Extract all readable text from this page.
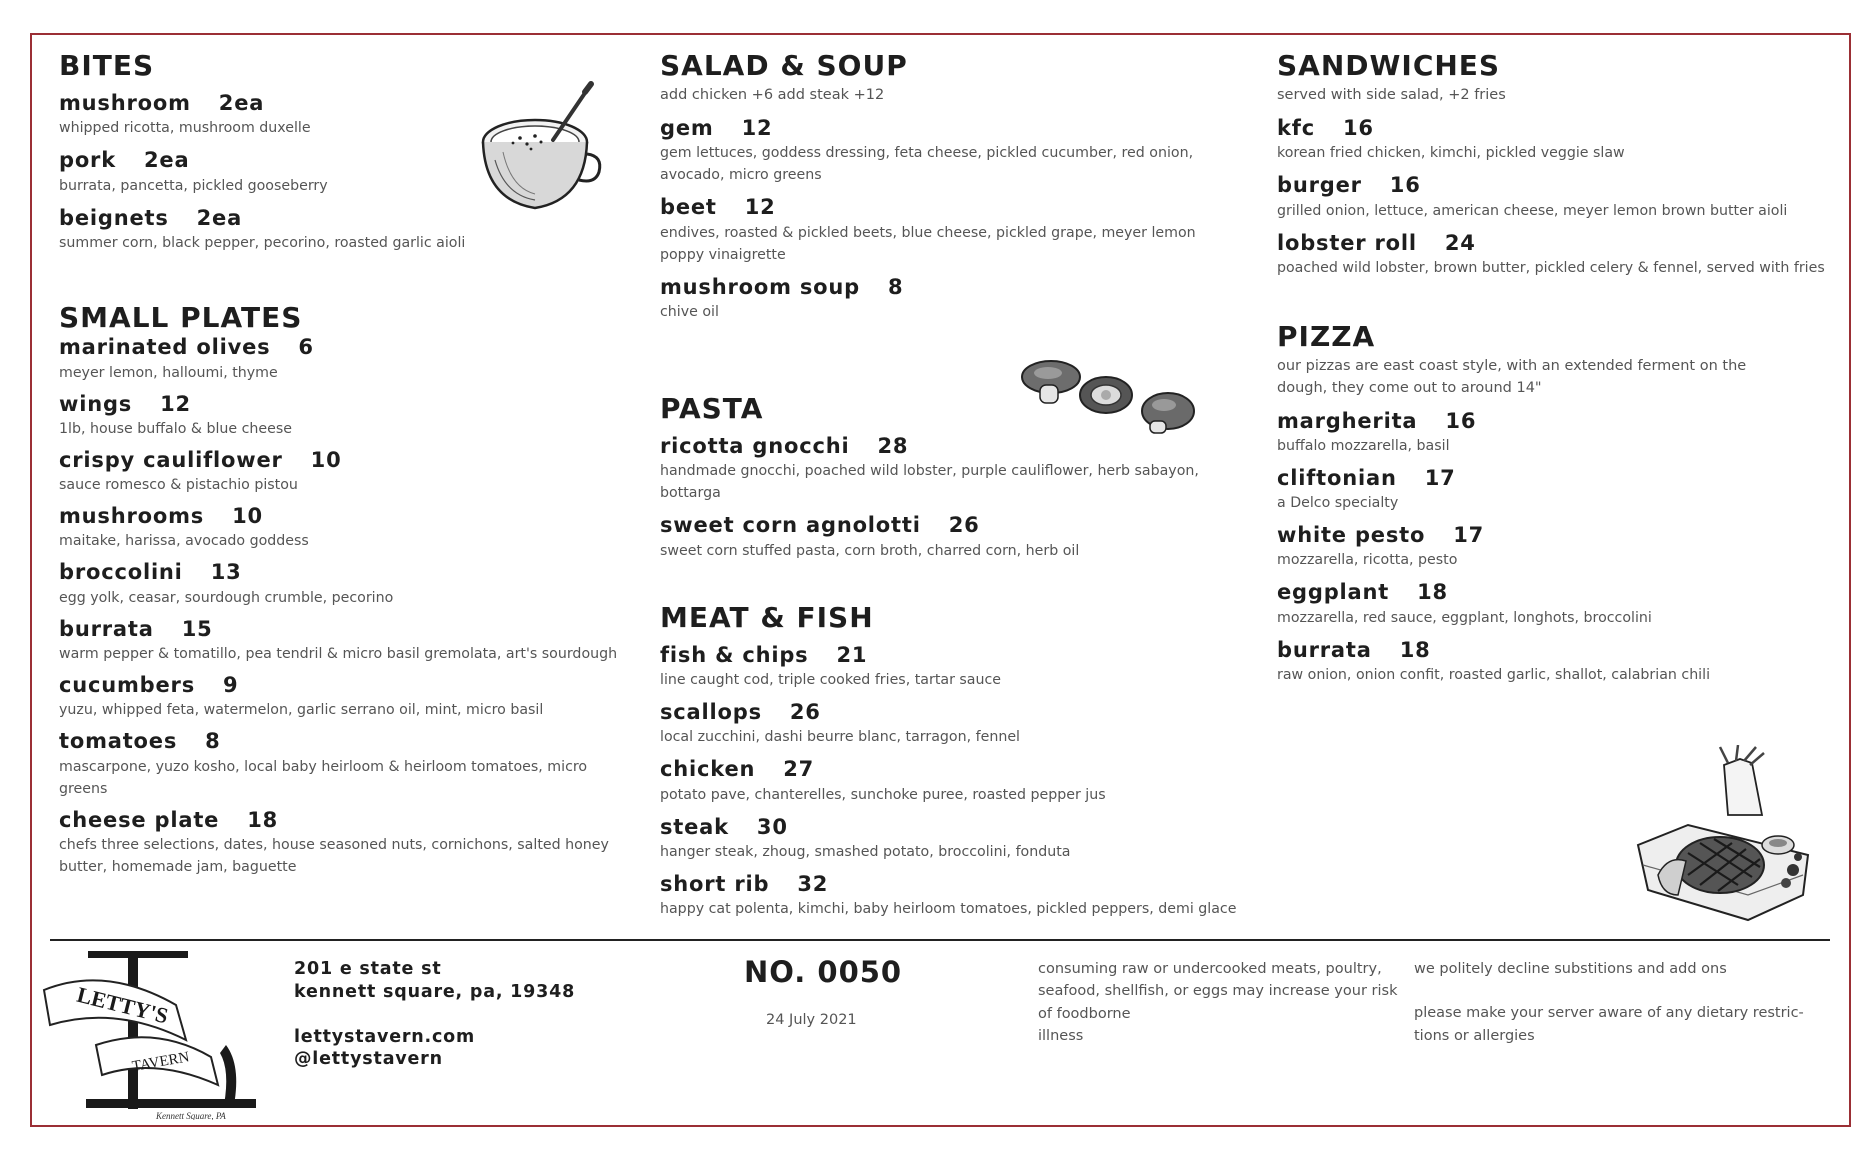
BITES
mushroom 2ea
whipped ricotta, mushroom duxelle
pork 2ea
burrata, pancetta, pickled gooseberry
beignets 2ea
summer corn, black pepper, pecorino, roasted garlic aioli
SMALL PLATES
marinated olives 6
meyer lemon, halloumi, thyme
wings 12
1lb, house buffalo & blue cheese
crispy cauliflower 10
sauce romesco & pistachio pistou
mushrooms 10
maitake, harissa, avocado goddess
broccolini 13
egg yolk, ceasar, sourdough crumble, pecorino
burrata 15
warm pepper & tomatillo, pea tendril & micro basil gremolata, art's sourdough
cucumbers 9
yuzu, whipped feta, watermelon, garlic serrano oil, mint, micro basil
tomatoes 8
mascarpone, yuzo kosho, local baby heirloom & heirloom tomatoes, micro greens
cheese plate 18
chefs three selections, dates, house seasoned nuts, cornichons, salted honey butter, homemade jam, baguette
SALAD & SOUP
add chicken +6 add steak +12
gem 12
gem lettuces, goddess dressing, feta cheese, pickled cucumber, red onion, avocado, micro greens
beet 12
endives, roasted & pickled beets, blue cheese, pickled grape, meyer lemon poppy vinaigrette
mushroom soup 8
chive oil
PASTA
ricotta gnocchi 28
handmade gnocchi, poached wild lobster, purple cauliflower, herb sabayon, bottarga
sweet corn agnolotti 26
sweet corn stuffed pasta, corn broth, charred corn, herb oil
MEAT & FISH
fish & chips 21
line caught cod, triple cooked fries, tartar sauce
scallops 26
local zucchini, dashi beurre blanc, tarragon, fennel
chicken 27
potato pave, chanterelles, sunchoke puree, roasted pepper jus
steak 30
hanger steak, zhoug, smashed potato, broccolini, fonduta
short rib 32
happy cat polenta, kimchi, baby heirloom tomatoes, pickled peppers, demi glace
SANDWICHES
served with side salad, +2 fries
kfc 16
korean fried chicken, kimchi, pickled veggie slaw
burger 16
grilled onion, lettuce, american cheese, meyer lemon brown butter aioli
lobster roll 24
poached wild lobster, brown butter, pickled celery & fennel, served with fries
PIZZA
our pizzas are east coast style, with an extended ferment on the dough, they come out to around 14"
margherita 16
buffalo mozzarella, basil
cliftonian 17
a Delco specialty
white pesto 17
mozzarella, ricotta, pesto
eggplant 18
mozzarella, red sauce, eggplant, longhots, broccolini
burrata 18
raw onion, onion confit, roasted garlic, shallot, calabrian chili
LETTY'S
TAVERN
Kennett Square, PA
201 e state st
kennett square, pa, 19348
lettystavern.com
@lettystavern
NO. 0050
24 July 2021
consuming raw or undercooked meats, poultry, seafood, shellfish, or eggs may increase your risk of foodborne
illness
we politely decline substitions and add ons
please make your server aware of any dietary restric-tions or allergies
